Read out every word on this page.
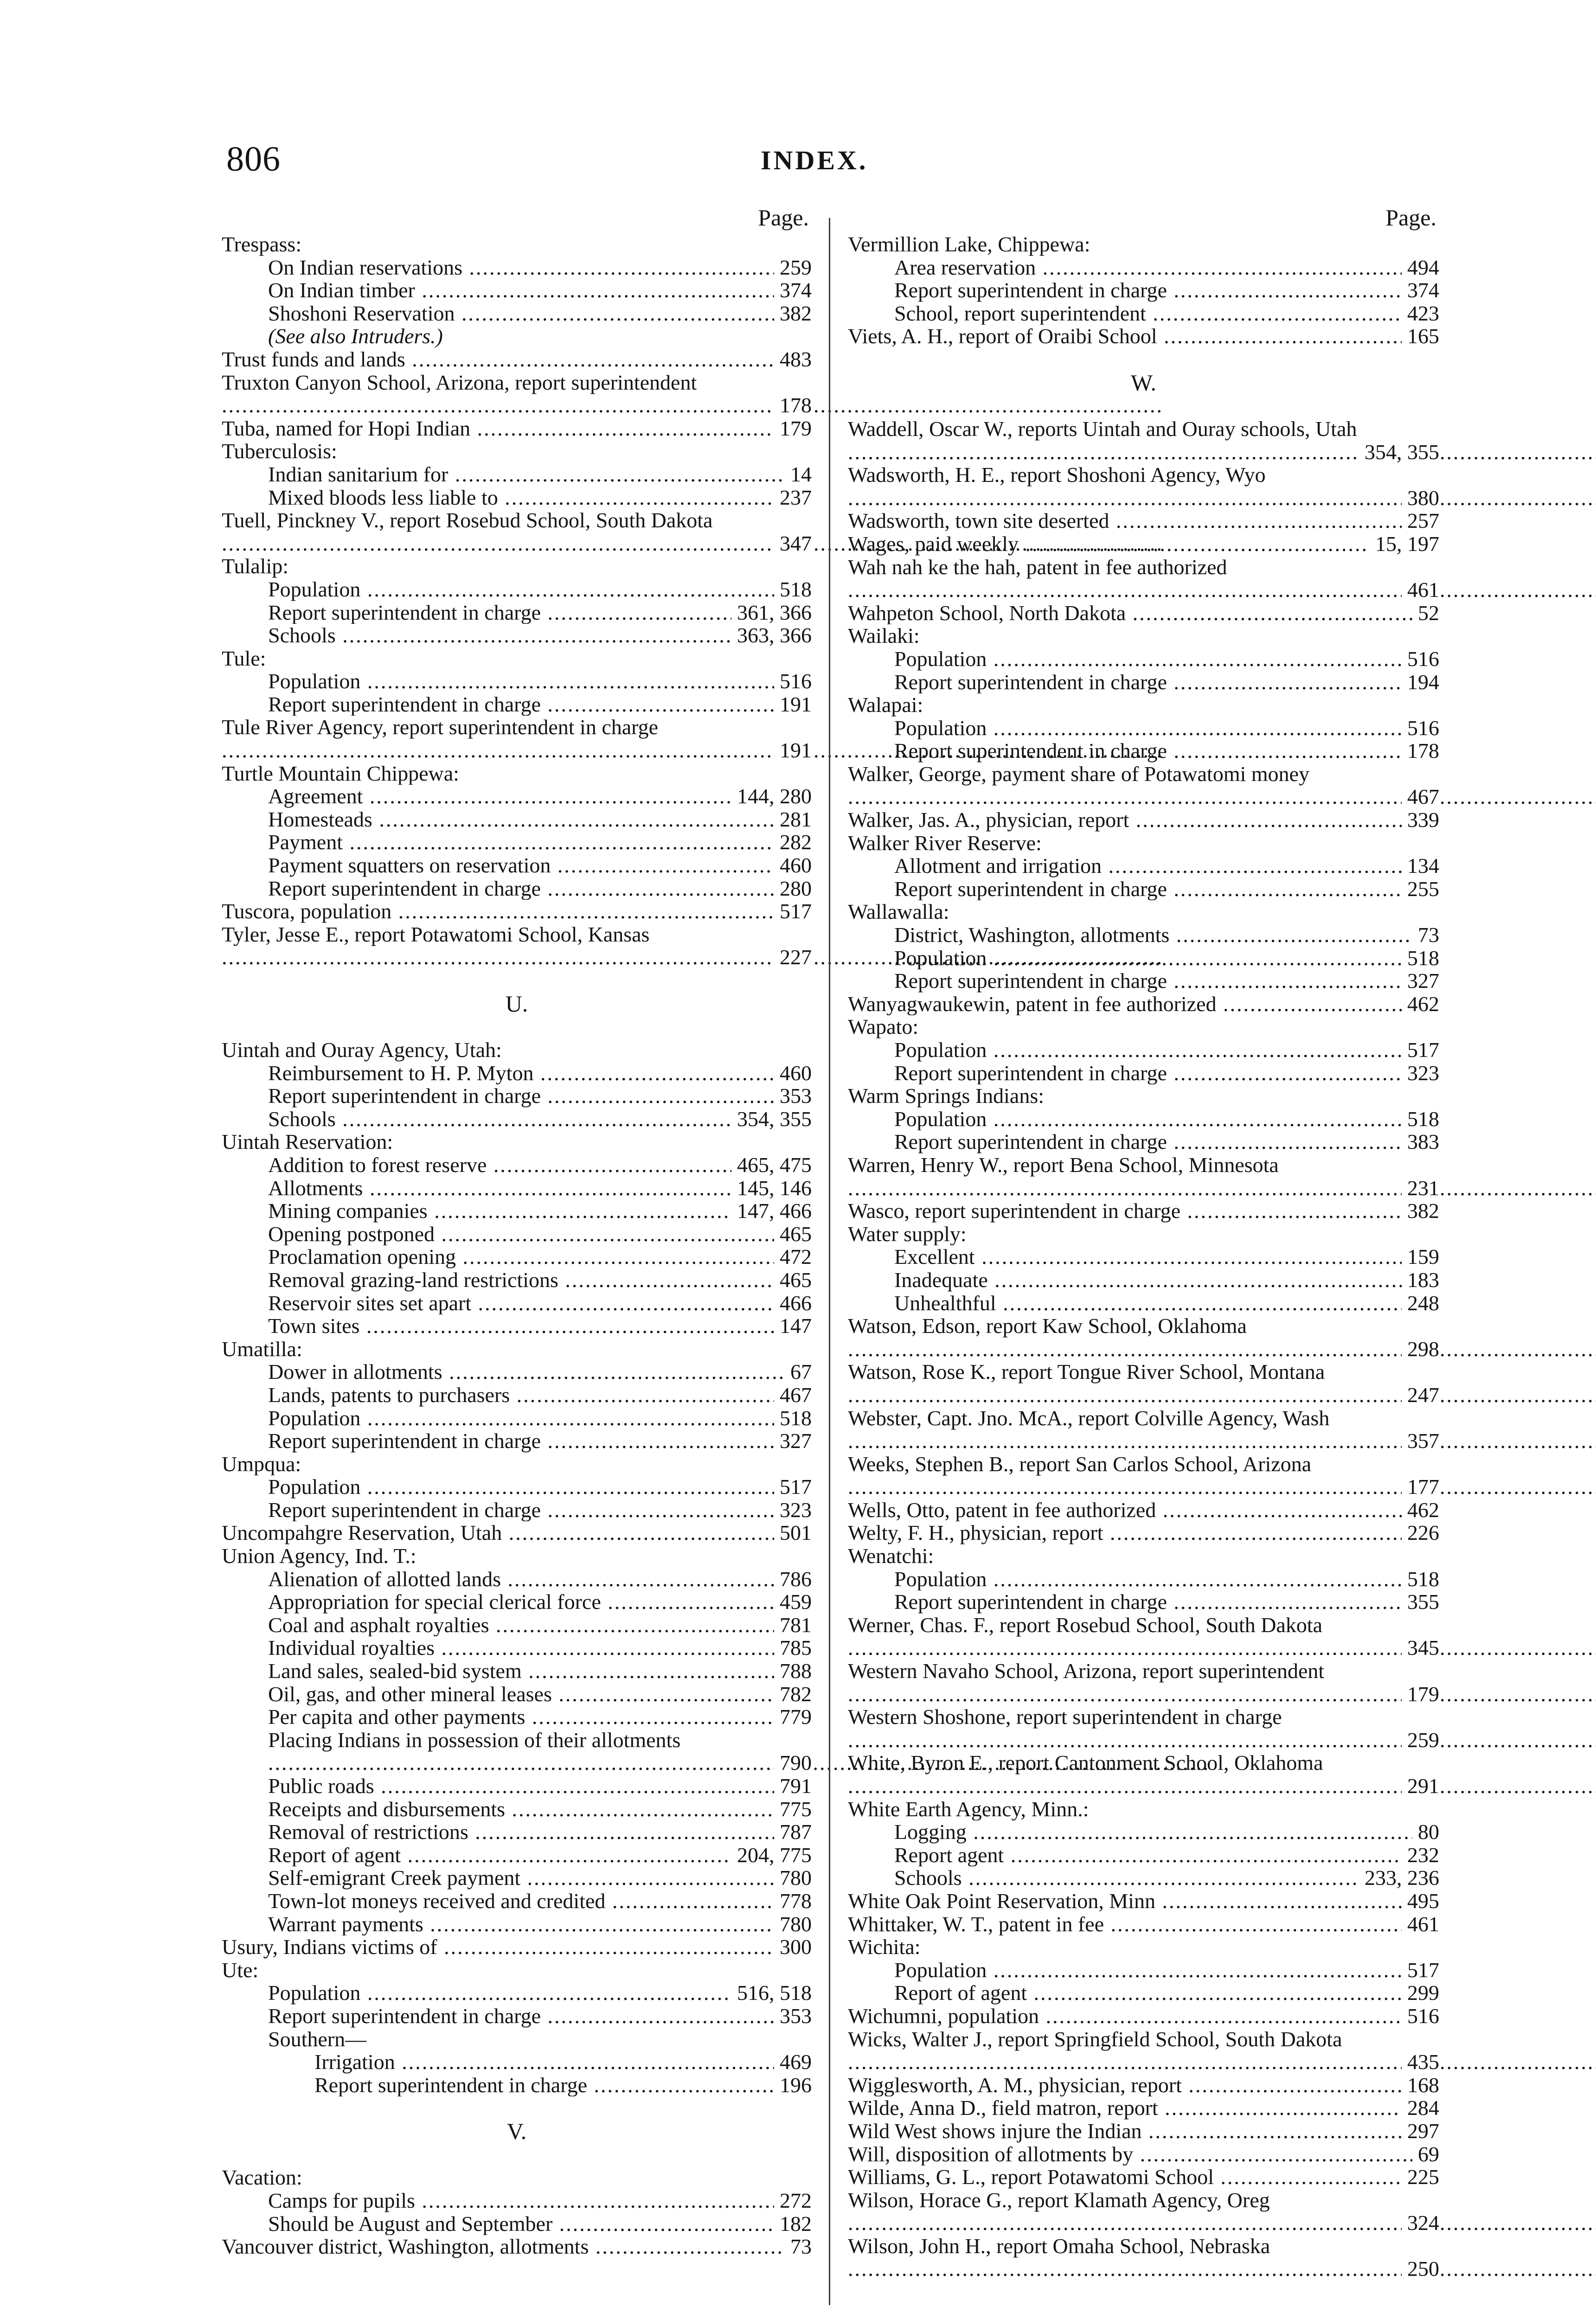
806	INDEX.
Page.
Trespass:
On Indian reservations .....	259
On Indian timber .....	374
Shoshoni Reservation .....	382
(See also Intruders.)
Trust funds and lands .....	483
Truxton Canyon School, Arizona, report superintendent .....
178
Tuba, named for Hopi Indian .....	179
Tuberculosis:
Indian sanitarium for .....	14
Mixed bloods less liable to .....	237
Tuell, Pinckney V., report Rosebud School, South Dakota .....
347
Tulalip:
Population .....	518
Report superintendent in charge .....	361, 366
Schools .....	363, 366
Tule:
Population .....	516
Report superintendent in charge .....	191
Tule River Agency, report superintendent in charge .....
191
Turtle Mountain Chippewa:
Agreement .....	144, 280
Homesteads .....	281
Payment .....	282
Payment squatters on reservation .....	460
Report superintendent in charge .....	280
Tuscora, population .....	517
Tyler, Jesse E., report Potawatomi School, Kansas .....
227
U.
Uintah and Ouray Agency, Utah:
Reimbursement to H. P. Myton .....	460
Report superintendent in charge .....	353
Schools .....	354, 355
Uintah Reservation:
Addition to forest reserve .....	465, 475
Allotments .....	145, 146
Mining companies .....	147, 466
Opening postponed .....	465
Proclamation opening .....	472
Removal grazing-land restrictions .....	465
Reservoir sites set apart .....	466
Town sites .....	147
Umatilla:
Dower in allotments .....	67
Lands, patents to purchasers .....	467
Population .....	518
Report superintendent in charge .....	327
Umpqua:
Population .....	517
Report superintendent in charge .....	323
Uncompahgre Reservation, Utah .....	501
Union Agency, Ind. T.:
Alienation of allotted lands .....	786
Appropriation for special clerical force .....	459
Coal and asphalt royalties .....	781
Individual royalties .....	785
Land sales, sealed-bid system .....	788
Oil, gas, and other mineral leases .....	782
Per capita and other payments .....	779
Placing Indians in possession of their allotments .....
790
Public roads .....	791
Receipts and disbursements .....	775
Removal of restrictions .....	787
Report of agent .....	204, 775
Self-emigrant Creek payment .....	780
Town-lot moneys received and credited .....	778
Warrant payments .....	780
Usury, Indians victims of .....	300
Ute:
Population .....	516, 518
Report superintendent in charge .....	353
Southern—
Irrigation .....	469
Report superintendent in charge .....	196
V.
Vacation:
Camps for pupils .....	272
Should be August and September .....	182
Vancouver district, Washington, allotments .....	73
Page.
Vermillion Lake, Chippewa:
Area reservation .....	494
Report superintendent in charge .....	374
School, report superintendent .....	423
Viets, A. H., report of Oraibi School .....	165
W.
Waddell, Oscar W., reports Uintah and Ouray schools, Utah .....
354, 355
Wadsworth, H. E., report Shoshoni Agency, Wyo .....
380
Wadsworth, town site deserted .....	257
Wages, paid weekly .....	15, 197
Wah nah ke the hah, patent in fee authorized .....
461
Wahpeton School, North Dakota .....	52
Wailaki:
Population .....	516
Report superintendent in charge .....	194
Walapai:
Population .....	516
Report superintendent in charge .....	178
Walker, George, payment share of Potawatomi money .....
467
Walker, Jas. A., physician, report .....	339
Walker River Reserve:
Allotment and irrigation .....	134
Report superintendent in charge .....	255
Wallawalla:
District, Washington, allotments .....	73
Population .....	518
Report superintendent in charge .....	327
Wanyagwaukewin, patent in fee authorized .....	462
Wapato:
Population .....	517
Report superintendent in charge .....	323
Warm Springs Indians:
Population .....	518
Report superintendent in charge .....	383
Warren, Henry W., report Bena School, Minnesota .....
231
Wasco, report superintendent in charge .....	382
Water supply:
Excellent .....	159
Inadequate .....	183
Unhealthful .....	248
Watson, Edson, report Kaw School, Oklahoma .....
298
Watson, Rose K., report Tongue River School, Montana .....
247
Webster, Capt. Jno. McA., report Colville Agency, Wash .....
357
Weeks, Stephen B., report San Carlos School, Arizona .....
177
Wells, Otto, patent in fee authorized .....	462
Welty, F. H., physician, report .....	226
Wenatchi:
Population .....	518
Report superintendent in charge .....	355
Werner, Chas. F., report Rosebud School, South Dakota .....
345
Western Navaho School, Arizona, report superintendent .....
179
Western Shoshone, report superintendent in charge .....
259
White, Byron E., report Cantonment School, Oklahoma .....
291
White Earth Agency, Minn.:
Logging .....	80
Report agent .....	232
Schools .....	233, 236
White Oak Point Reservation, Minn .....	495
Whittaker, W. T., patent in fee .....	461
Wichita:
Population .....	517
Report of agent .....	299
Wichumni, population .....	516
Wicks, Walter J., report Springfield School, South Dakota .....
435
Wigglesworth, A. M., physician, report .....	168
Wilde, Anna D., field matron, report .....	284
Wild West shows injure the Indian .....	297
Will, disposition of allotments by .....	69
Williams, G. L., report Potawatomi School .....	225
Wilson, Horace G., report Klamath Agency, Oreg .....
324
Wilson, John H., report Omaha School, Nebraska .....
250
